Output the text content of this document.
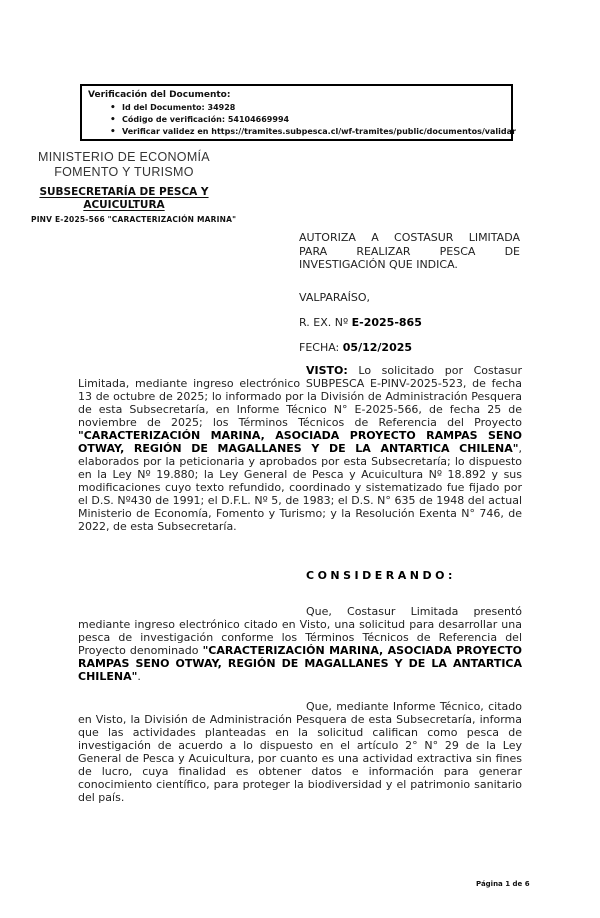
Verificación del Documento:
• Id del Documento: 34928
• Código de verificación: 54104669994
• Verificar validez en https://tramites.subpesca.cl/wf-tramites/public/documentos/validar
MINISTERIO DE ECONOMÍA
FOMENTO Y TURISMO
SUBSECRETARÍA DE PESCA Y
ACUICULTURA
PINV E-2025-566 "CARACTERIZACIÓN MARINA"
AUTORIZA A COSTASUR LIMITADA
PARA REALIZAR PESCA DE
INVESTIGACIÓN QUE INDICA.
VALPARAÍSO,
R. EX. Nº E-2025-865
FECHA: 05/12/2025

VISTO: Lo solicitado por Costasur Limitada, mediante ingreso electrónico SUBPESCA E-PINV-2025-523, de fecha 13 de octubre de 2025; lo informado por la División de Administración Pesquera de esta Subsecretaría, en Informe Técnico N° E-2025-566, de fecha 25 de noviembre de 2025; los Términos Técnicos de Referencia del Proyecto "CARACTERIZACIÓN MARINA, ASOCIADA PROYECTO RAMPAS SENO OTWAY, REGIÓN DE MAGALLANES Y DE LA ANTARTICA CHILENA", elaborados por la peticionaria y aprobados por esta Subsecretaría; lo dispuesto en la Ley Nº 19.880; la Ley General de Pesca y Acuicultura Nº 18.892 y sus modificaciones cuyo texto refundido, coordinado y sistematizado fue fijado por el D.S. Nº430 de 1991; el D.F.L. Nº 5, de 1983; el D.S. N° 635 de 1948 del actual Ministerio de Economía, Fomento y Turismo; y la Resolución Exenta N° 746, de 2022, de esta Subsecretaría.

CONSIDERANDO:

Que, Costasur Limitada presentó mediante ingreso electrónico citado en Visto, una solicitud para desarrollar una pesca de investigación conforme los Términos Técnicos de Referencia del Proyecto denominado "CARACTERIZACIÓN MARINA, ASOCIADA PROYECTO RAMPAS SENO OTWAY, REGIÓN DE MAGALLANES Y DE LA ANTARTICA CHILENA".

Que, mediante Informe Técnico, citado en Visto, la División de Administración Pesquera de esta Subsecretaría, informa que las actividades planteadas en la solicitud califican como pesca de investigación de acuerdo a lo dispuesto en el artículo 2° N° 29 de la Ley General de Pesca y Acuicultura, por cuanto es una actividad extractiva sin fines de lucro, cuya finalidad es obtener datos e información para generar conocimiento científico, para proteger la biodiversidad y el patrimonio sanitario del país.

Página 1 de 6
